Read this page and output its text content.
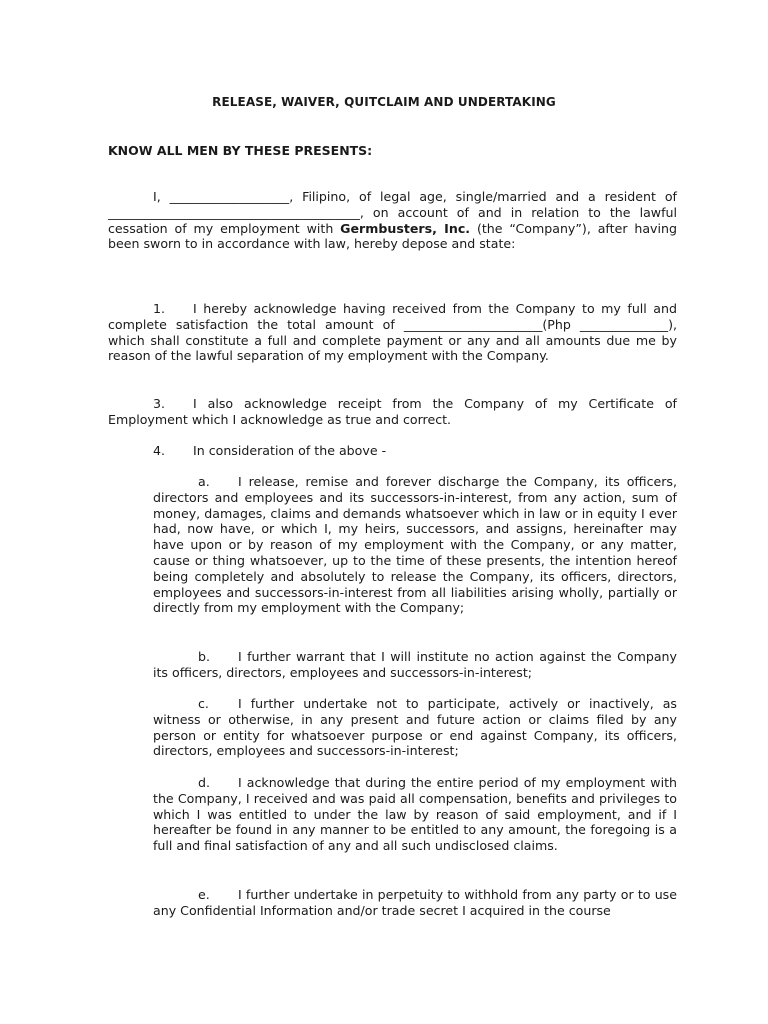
RELEASE, WAIVER, QUITCLAIM AND UNDERTAKING
KNOW ALL MEN BY THESE PRESENTS:

I, ___________________, Filipino, of legal age, single/married and a resident of ________________________________________, on account of and in relation to the lawful cessation of my employment with Germbusters, Inc. (the “Company”), after having been sworn to in accordance with law, hereby depose and state:

1. I hereby acknowledge having received from the Company to my full and complete satisfaction the total amount of ______________________(Php ______________), which shall constitute a full and complete payment or any and all amounts due me by reason of the lawful separation of my employment with the Company.

3. I also acknowledge receipt from the Company of my Certificate of Employment which I acknowledge as true and correct.

4. In consideration of the above -

a. I release, remise and forever discharge the Company, its officers, directors and employees and its successors-in-interest, from any action, sum of money, damages, claims and demands whatsoever which in law or in equity I ever had, now have, or which I, my heirs, successors, and assigns, hereinafter may have upon or by reason of my employment with the Company, or any matter, cause or thing whatsoever, up to the time of these presents, the intention hereof being completely and absolutely to release the Company, its officers, directors, employees and successors-in-interest from all liabilities arising wholly, partially or directly from my employment with the Company;

b. I further warrant that I will institute no action against the Company its officers, directors, employees and successors-in-interest;

c. I further undertake not to participate, actively or inactively, as witness or otherwise, in any present and future action or claims filed by any person or entity for whatsoever purpose or end against Company, its officers, directors, employees and successors-in-interest;

d. I acknowledge that during the entire period of my employment with the Company, I received and was paid all compensation, benefits and privileges to which I was entitled to under the law by reason of said employment, and if I hereafter be found in any manner to be entitled to any amount, the foregoing is a full and final satisfaction of any and all such undisclosed claims.

e. I further undertake in perpetuity to withhold from any party or to use any Confidential Information and/or trade secret I acquired in the course
